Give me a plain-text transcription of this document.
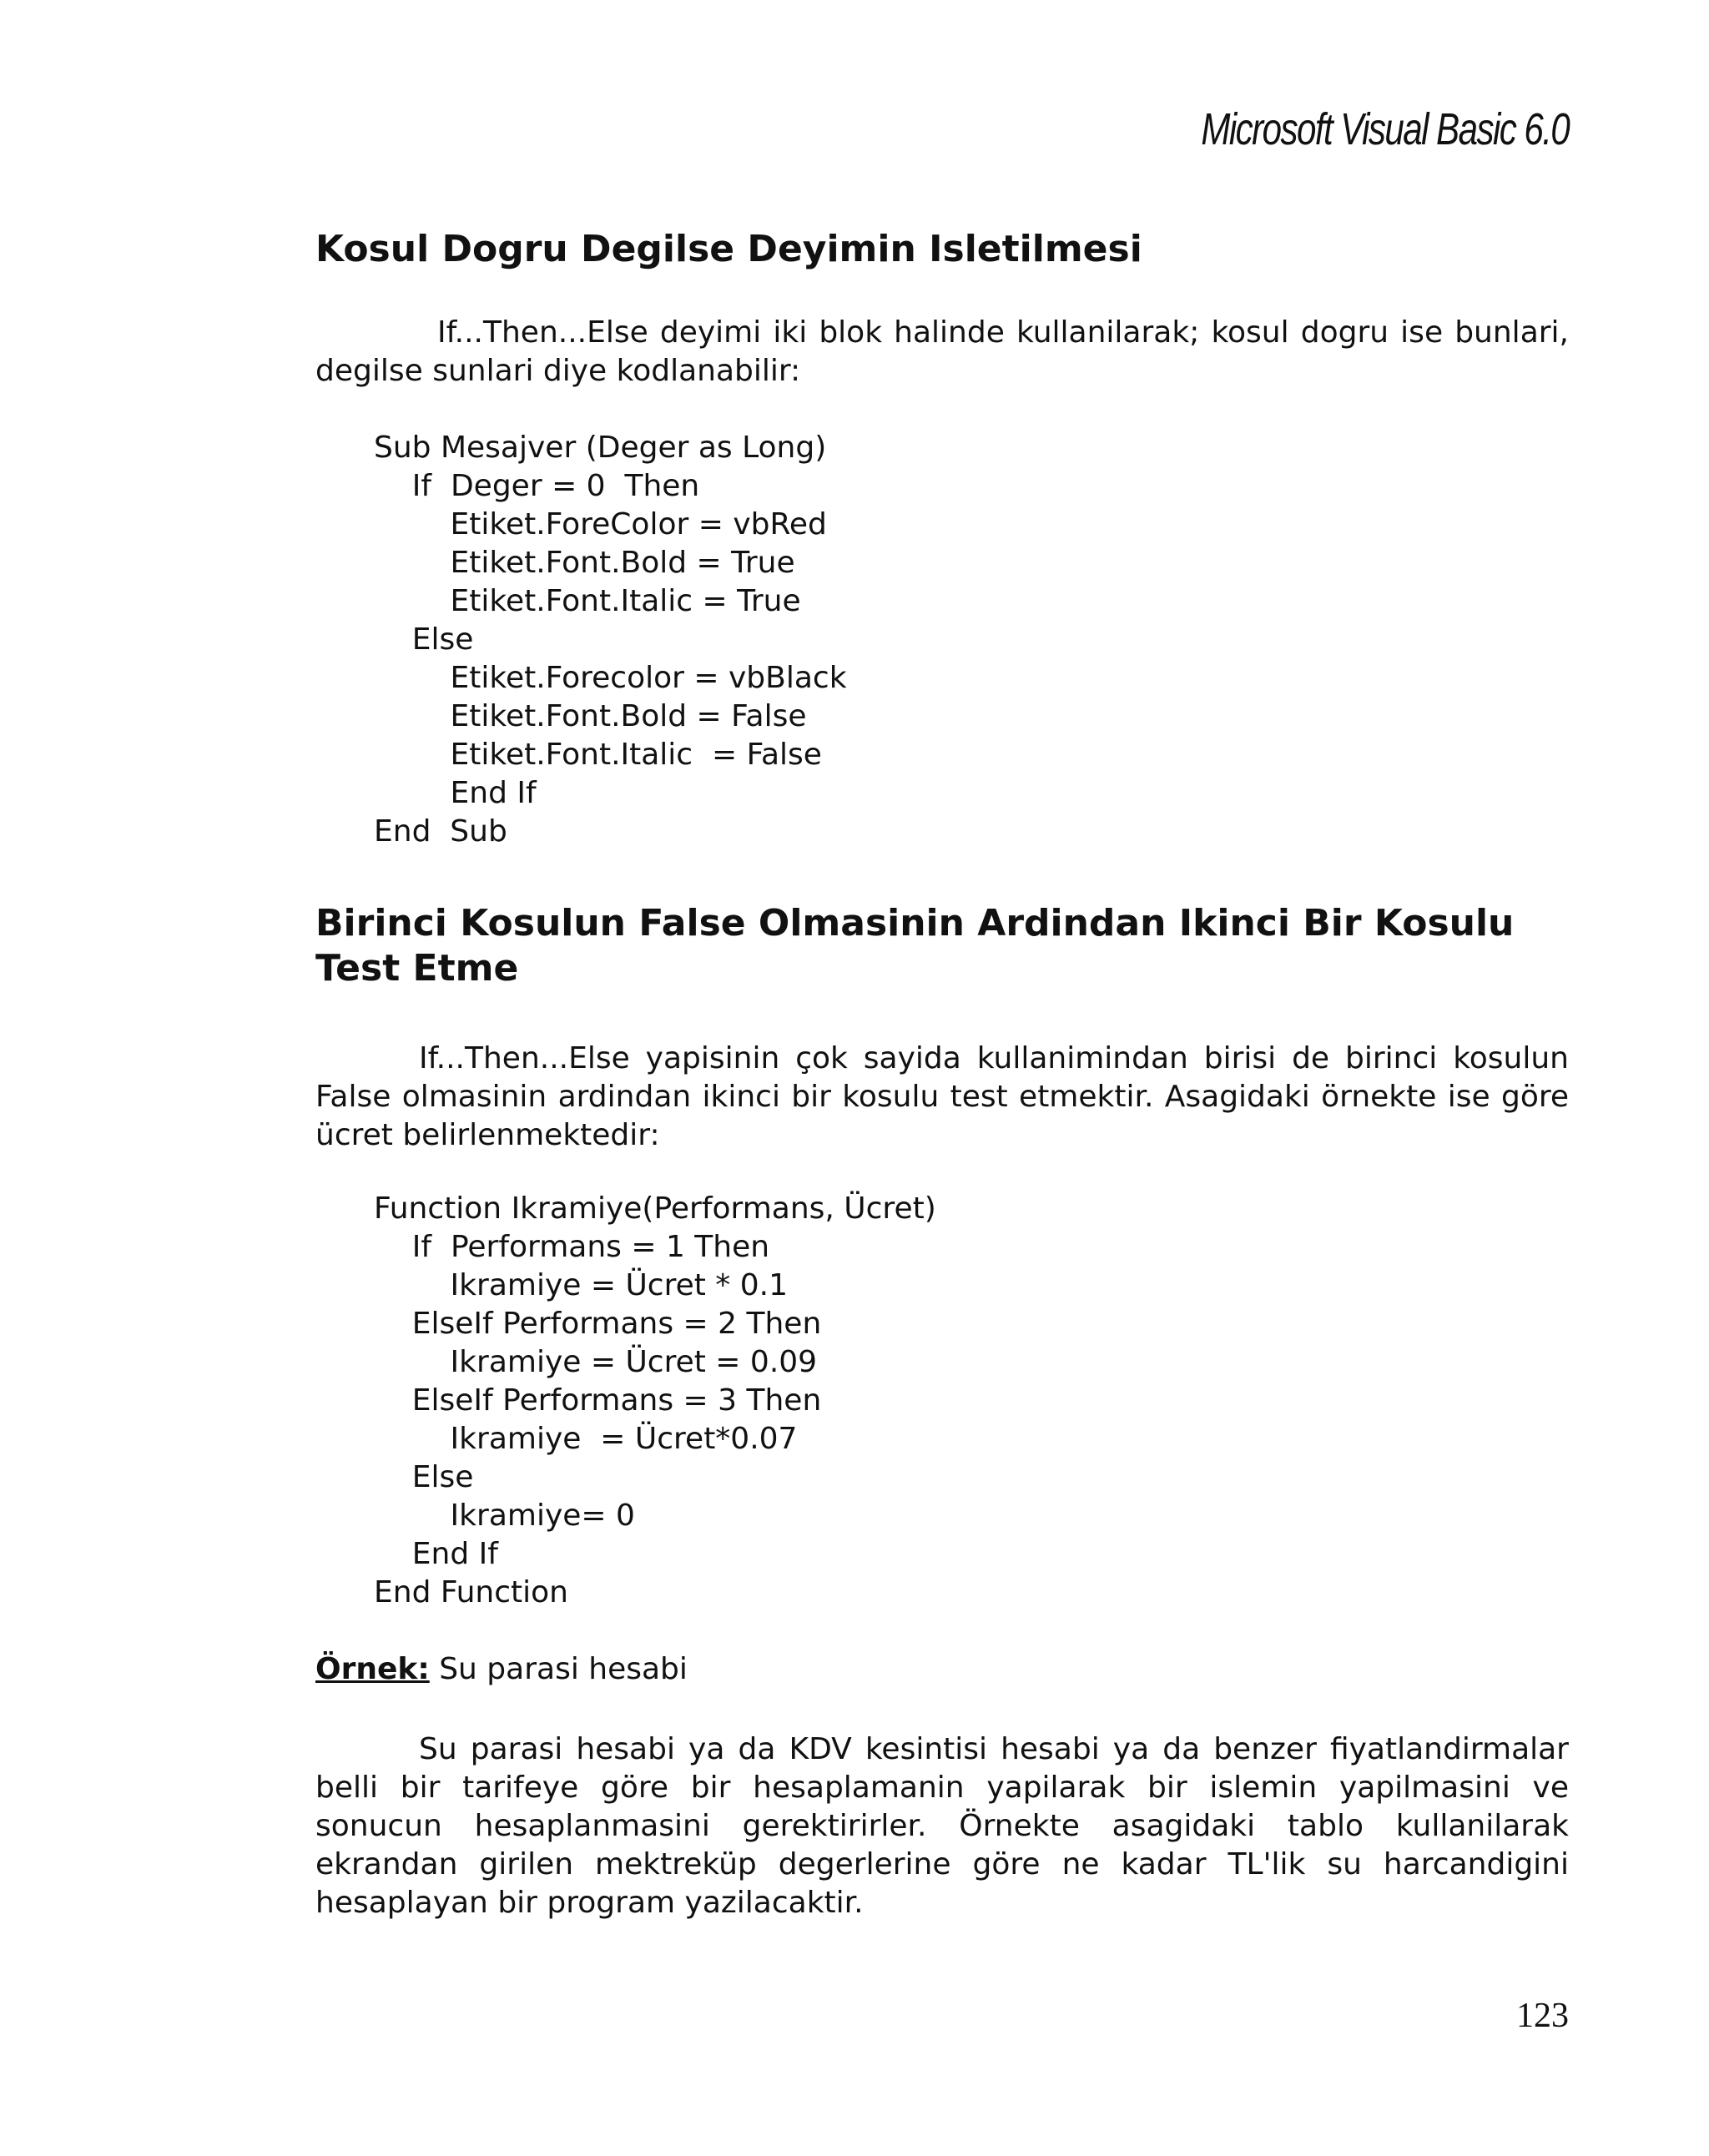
Microsoft Visual Basic 6.0
Kosul Dogru Degilse Deyimin Isletilmesi

If...Then...Else deyimi iki blok halinde kullanilarak; kosul dogru ise bunlari, degilse sunlari diye kodlanabilir:

Sub Mesajver (Deger as Long)
If  Deger = 0  Then
Etiket.ForeColor = vbRed
Etiket.Font.Bold = True
Etiket.Font.Italic = True
Else
Etiket.Forecolor = vbBlack
Etiket.Font.Bold = False
Etiket.Font.Italic  = False
End If
End  Sub
Birinci Kosulun False Olmasinin Ardindan Ikinci Bir Kosulu Test Etme

If...Then...Else yapisinin çok sayida kullanimindan birisi de birinci kosulun False olmasinin ardindan ikinci bir kosulu test etmektir. Asagidaki örnekte ise göre ücret belirlenmektedir:

Function Ikramiye(Performans, Ücret)
If  Performans = 1 Then
Ikramiye = Ücret * 0.1
ElseIf Performans = 2 Then
Ikramiye = Ücret = 0.09
ElseIf Performans = 3 Then
Ikramiye  = Ücret*0.07
Else
Ikramiye= 0
End If
End Function

Örnek: Su parasi hesabi

Su parasi hesabi ya da KDV kesintisi hesabi ya da benzer fiyatlandirmalar belli bir tarifeye göre bir hesaplamanin yapilarak bir islemin yapilmasini ve sonucun hesaplanmasini gerektirirler. Örnekte asagidaki tablo kullanilarak ekrandan girilen mektreküp degerlerine göre ne kadar TL'lik su harcandigini hesaplayan bir program yazilacaktir.

123
